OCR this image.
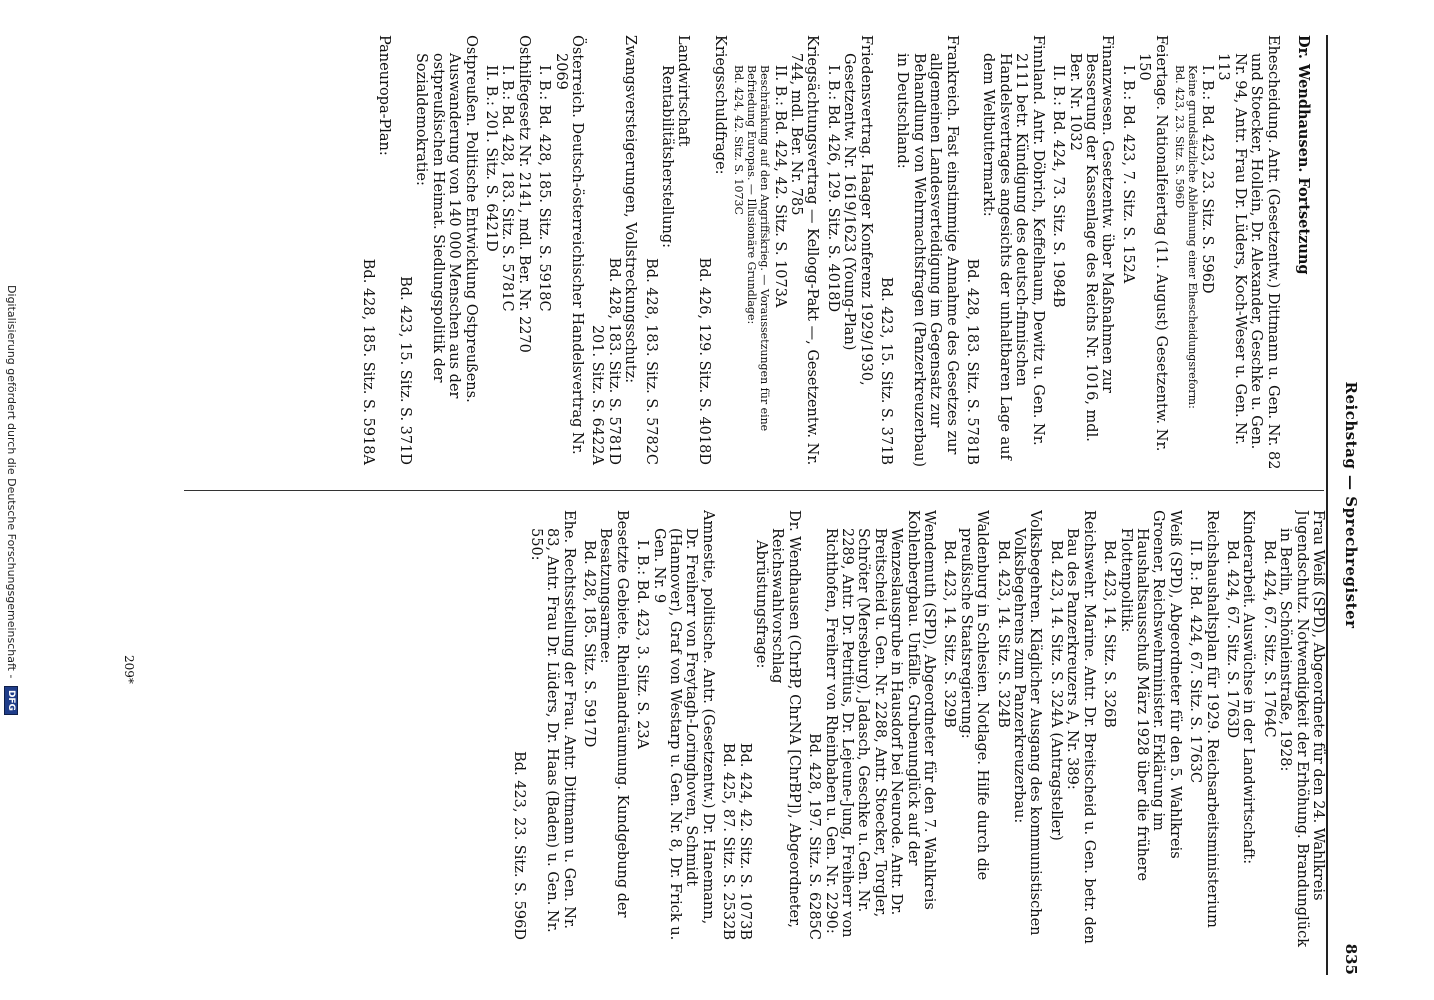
Reichstag — Sprechregister
835

Dr. Wendhausen. Fortsetzung

Ehescheidung. Antr. (Gesetzentw.) Dittmann u. Gen. Nr. 82 und Stoecker, Hollein, Dr. Alexander, Geschke u. Gen. Nr. 94, Antr. Frau Dr. Lüders, Koch-Weser u. Gen. Nr. 113

I. B.: Bd. 423, 23. Sitz. S. 596D

Keine grundsätzliche Ablehnung einer Ehescheidungsreform:

Bd. 423, 23. Sitz. S. 596D

Feiertage. Nationalfeiertag (11. August) Gesetzentw. Nr. 150

I. B.: Bd. 423, 7. Sitz. S. 152A

Finanzwesen. Gesetzentw. über Maßnahmen zur Besserung der Kassenlage des Reichs Nr. 1016, mdl. Ber. Nr. 1032

II. B.: Bd. 424, 73. Sitz. S. 1984B

Finnland. Antr. Döbrich, Keffelhaum, Dewitz u. Gen. Nr. 2111 betr. Kündigung des deutsch-finnischen Handelsvertrages angesichts der unhaltbaren Lage auf dem Weltbuttermarkt:

Bd. 428, 183. Sitz. S. 5781B

Frankreich. Fast einstimmige Annahme des Gesetzes zur allgemeinen Landesverteidigung im Gegensatz zur Behandlung von Wehrmachtsfragen (Panzerkreuzerbau) in Deutschland:

Bd. 423, 15. Sitz. S. 371B

Friedensvertrag. Haager Konferenz 1929/1930, Gesetzentw. Nr. 1619/1623 (Young-Plan)

I. B.: Bd. 426, 129. Sitz. S. 4018D

Kriegsächtungsvertrag — Kellogg-Pakt —, Gesetzentw. Nr. 744, mdl. Ber. Nr. 785

II. B.: Bd. 424, 42. Sitz. S. 1073A

Beschränkung auf den Angriffskrieg. — Voraussetzungen für eine Befriedung Europas. — Illusionäre Grundlage:

Bd. 424, 42. Sitz. S. 1073C

Kriegsschuldfrage:

Bd. 426, 129. Sitz. S. 4018D

Landwirtschaft

Rentabilitätsherstellung:

Bd. 428, 183. Sitz. S. 5782C

Zwangsversteigerungen, Vollstreckungsschutz:

Bd. 428, 183. Sitz. S. 5781D

201. Sitz. S. 6422A

Österreich. Deutsch-österreichischer Handelsvertrag Nr. 2069

I. B.: Bd. 428, 185. Sitz. S. 5918C

Osthilfegesetz Nr. 2141, mdl. Ber. Nr. 2270

I. B.: Bd. 428, 183. Sitz. S. 5781C

II. B.: 201. Sitz. S. 6421D

Ostpreußen. Politische Entwicklung Ostpreußens. Auswanderung von 140 000 Menschen aus der ostpreußischen Heimat. Siedlungspolitik der Sozialdemokratie:

Bd. 423, 15. Sitz. S. 371D

Paneuropa-Plan:

Bd. 428, 185. Sitz. S. 5918A

Frau Weiß (SPD), Abgeordnete für den 24. Wahlkreis

Jugendschutz. Notwendigkeit der Erhöhung. Brandunglück in Berlin, Schönleinstraße, 1928:

Bd. 424, 67. Sitz. S. 1764C

Kinderarbeit. Auswüchse in der Landwirtschaft:

Bd. 424, 67. Sitz. S. 1763D

Reichshaushaltsplan für 1929. Reichsarbeitsministerium

II. B.: Bd. 424, 67. Sitz. S. 1763C

Weiß (SPD), Abgeordneter für den 5. Wahlkreis

Groener, Reichswehrminister. Erklärung im Haushaltsausschuß März 1928 über die frühere Flottenpolitik:

Bd. 423, 14. Sitz. S. 326B

Reichswehr. Marine. Antr. Dr. Breitscheid u. Gen. betr. den Bau des Panzerkreuzers A, Nr. 389:

Bd. 423, 14. Sitz. S. 324A (Antragsteller)

Volksbegehren. Kläglicher Ausgang des kommunistischen Volksbegehrens zum Panzerkreuzerbau:

Bd. 423, 14. Sitz. S. 324B

Waldenburg in Schlesien. Notlage. Hilfe durch die preußische Staatsregierung:

Bd. 423, 14. Sitz. S. 329B

Wendemuth (SPD), Abgeordneter für den 7. Wahlkreis

Kohlenbergbau. Unfälle. Grubenunglück auf der Wenzeslausgrube in Hausdorf bei Neurode. Antr. Dr. Breitscheid u. Gen. Nr. 2288, Antr. Stoecker, Torgler, Schröter (Merseburg), Jadasch, Geschke u. Gen. Nr. 2289, Antr. Dr. Petritius, Dr. Lejeune-Jung, Freiherr von Richthofen, Freiherr von Rheinbaben u. Gen. Nr. 2290:

Bd. 428, 197. Sitz. S. 6285C

Dr. Wendhausen (ChrBP, ChrNA [ChrBP]), Abgeordneter, Reichswahlvorschlag

Abrüstungsfrage:

Bd. 424, 42. Sitz. S. 1073B

Bd. 425, 87. Sitz. S. 2532B

Amnestie, politische. Antr. (Gesetzentw.) Dr. Hanemann, Dr. Freiherr von Freytagh-Loringhoven, Schmidt (Hannover), Graf von Westarp u. Gen. Nr. 8, Dr. Frick u. Gen. Nr. 9

I. B.: Bd. 423, 3. Sitz. S. 23A

Besetzte Gebiete. Rheinlandräumung. Kundgebung der Besatzungsarmee:

Bd. 428, 185. Sitz. S. 5917D

Ehe. Rechtsstellung der Frau. Antr. Dittmann u. Gen. Nr. 83, Antr. Frau Dr. Lüders, Dr. Haas (Baden) u. Gen. Nr. 550:

Bd. 423, 23. Sitz. S. 596D

209*
Digitalisierung gefördert durch die Deutsche Forschungsgemeinschaft - DFG
